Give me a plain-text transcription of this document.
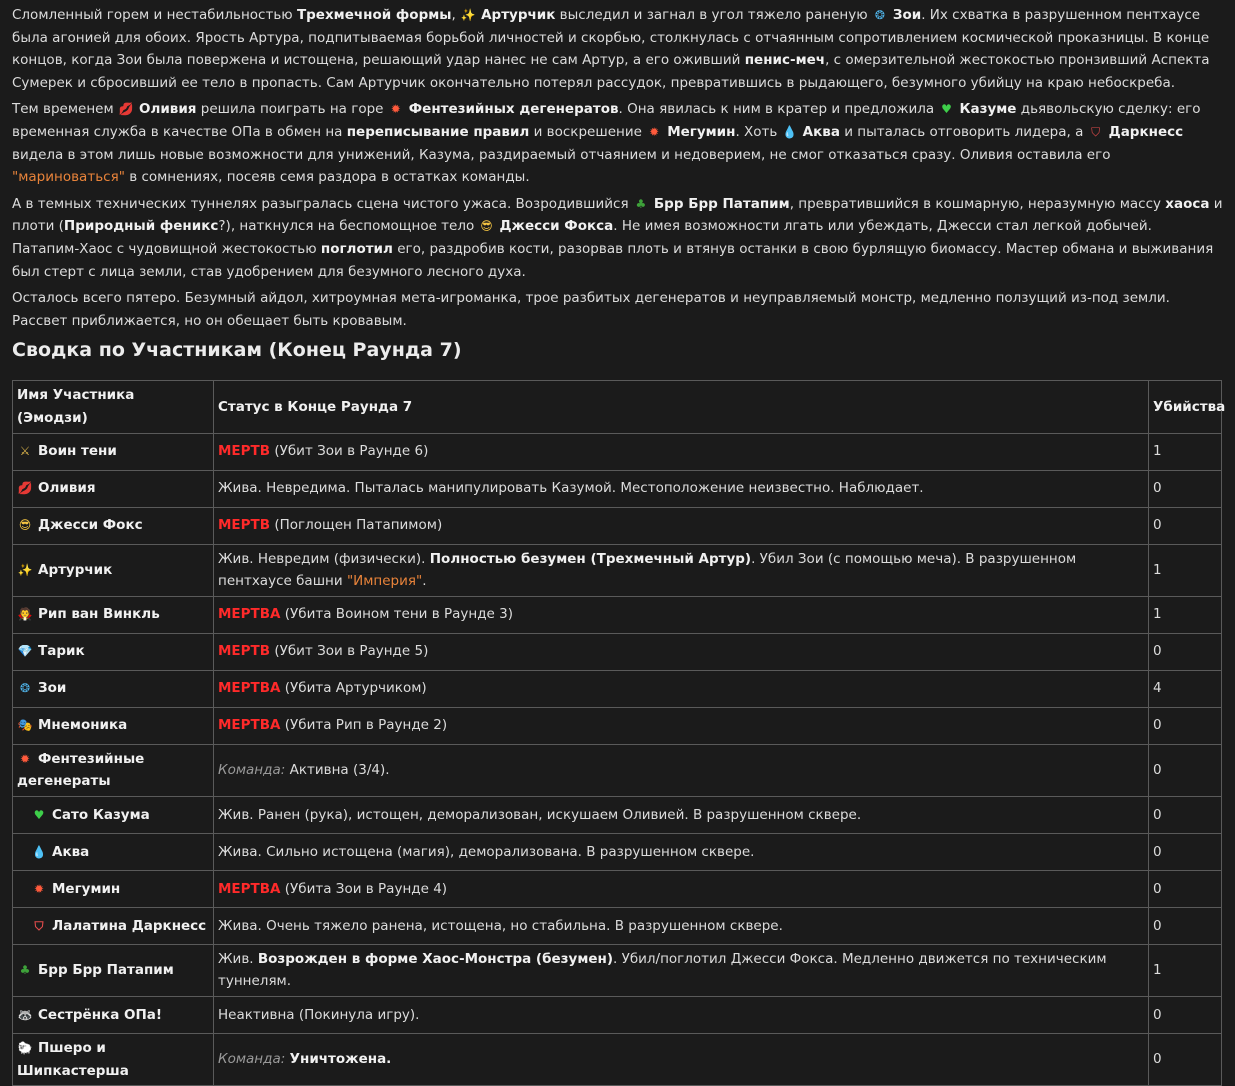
Сломленный горем и нестабильностью Трехмечной формы, ✨ Артурчик выследил и загнал в угол тяжело раненую ❂ Зои. Их схватка в разрушенном пентхаусе была агонией для обоих. Ярость Артура, подпитываемая борьбой личностей и скорбью, столкнулась с отчаянным сопротивлением космической проказницы. В конце концов, когда Зои была повержена и истощена, решающий удар нанес не сам Артур, а его оживший пенис-меч, с омерзительной жестокостью пронзивший Аспекта Сумерек и сбросивший ее тело в пропасть. Сам Артурчик окончательно потерял рассудок, превратившись в рыдающего, безумного убийцу на краю небоскреба.

Тем временем 💋 Оливия решила поиграть на горе ✹ Фентезийных дегенератов. Она явилась к ним в кратер и предложила ♥ Казуме дьявольскую сделку: его временная служба в качестве ОПа в обмен на переписывание правил и воскрешение ✹ Мегумин. Хоть 💧 Аква и пыталась отговорить лидера, а ⛉ Даркнесс видела в этом лишь новые возможности для унижений, Казума, раздираемый отчаянием и недоверием, не смог отказаться сразу. Оливия оставила его "мариноваться" в сомнениях, посеяв семя раздора в остатках команды.

А в темных технических туннелях разыгралась сцена чистого ужаса. Возродившийся ♣ Брр Брр Патапим, превратившийся в кошмарную, неразумную массу хаоса и плоти (Природный феникс?), наткнулся на беспомощное тело 😎 Джесси Фокса. Не имея возможности лгать или убеждать, Джесси стал легкой добычей. Патапим-Хаос с чудовищной жестокостью поглотил его, раздробив кости, разорвав плоть и втянув останки в свою бурлящую биомассу. Мастер обмана и выживания был стерт с лица земли, став удобрением для безумного лесного духа.

Осталось всего пятеро. Безумный айдол, хитроумная мета-игроманка, трое разбитых дегенератов и неуправляемый монстр, медленно ползущий из-под земли. Рассвет приближается, но он обещает быть кровавым.

Сводка по Участникам (Конец Раунда 7)
Имя Участника (Эмодзи)	Статус в Конце Раунда 7	Убийства
⚔ Воин тени	МЕРТВ (Убит Зои в Раунде 6)	1
💋 Оливия	Жива. Невредима. Пыталась манипулировать Казумой. Местоположение неизвестно. Наблюдает.	0
😎 Джесси Фокс	МЕРТВ (Поглощен Патапимом)	0
✨ Артурчик	Жив. Невредим (физически). Полностью безумен (Трехмечный Артур). Убил Зои (с помощью меча). В разрушенном пентхаусе башни "Империя".	1
🧛 Рип ван Винкль	МЕРТВА (Убита Воином тени в Раунде 3)	1
💎 Тарик	МЕРТВ (Убит Зои в Раунде 5)	0
❂ Зои	МЕРТВА (Убита Артурчиком)	4
🎭 Мнемоника	МЕРТВА (Убита Рип в Раунде 2)	0
✹ Фентезийные дегенераты	Команда: Активна (3/4).	0
♥ Сато Казума	Жив. Ранен (рука), истощен, деморализован, искушаем Оливией. В разрушенном сквере.	0
💧 Аква	Жива. Сильно истощена (магия), деморализована. В разрушенном сквере.	0
✹ Мегумин	МЕРТВА (Убита Зои в Раунде 4)	0
⛉ Лалатина Даркнесс	Жива. Очень тяжело ранена, истощена, но стабильна. В разрушенном сквере.	0
♣ Брр Брр Патапим	Жив. Возрожден в форме Хаос-Монстра (безумен). Убил/поглотил Джесси Фокса. Медленно движется по техническим туннелям.	1
🦝 Сестрёнка ОПа!	Неактивна (Покинула игру).	0
🐑 Пшеро и Шипкастерша	Команда: Уничтожена.	0
